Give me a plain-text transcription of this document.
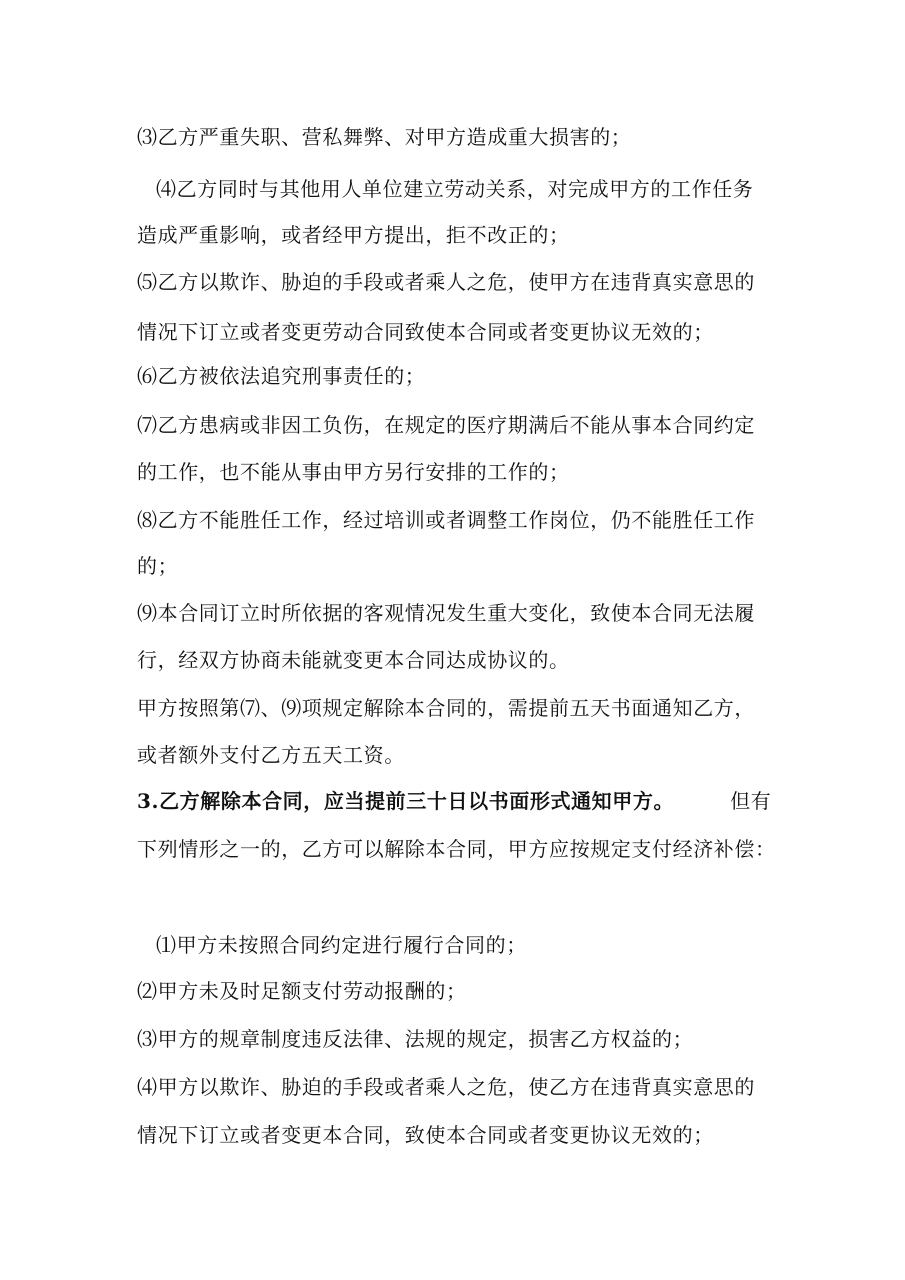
⑶乙方严重失职、营私舞弊、对甲方造成重大损害的；
⑷乙方同时与其他用人单位建立劳动关系，对完成甲方的工作任务
造成严重影响，或者经甲方提出，拒不改正的；
⑸乙方以欺诈、胁迫的手段或者乘人之危，使甲方在违背真实意思的
情况下订立或者变更劳动合同致使本合同或者变更协议无效的；
⑹乙方被依法追究刑事责任的；
⑺乙方患病或非因工负伤，在规定的医疗期满后不能从事本合同约定
的工作，也不能从事由甲方另行安排的工作的；
⑻乙方不能胜任工作，经过培训或者调整工作岗位，仍不能胜任工作
的；
⑼本合同订立时所依据的客观情况发生重大变化，致使本合同无法履
行，经双方协商未能就变更本合同达成协议的。
甲方按照第⑺、⑼项规定解除本合同的，需提前五天书面通知乙方，
或者额外支付乙方五天工资。
3.乙方解除本合同，应当提前三十日以书面形式通知甲方。	但有
下列情形之一的，乙方可以解除本合同，甲方应按规定支付经济补偿：
⑴甲方未按照合同约定进行履行合同的；
⑵甲方未及时足额支付劳动报酬的；
⑶甲方的规章制度违反法律、法规的规定，损害乙方权益的；
⑷甲方以欺诈、胁迫的手段或者乘人之危，使乙方在违背真实意思的
情况下订立或者变更本合同，致使本合同或者变更协议无效的；
